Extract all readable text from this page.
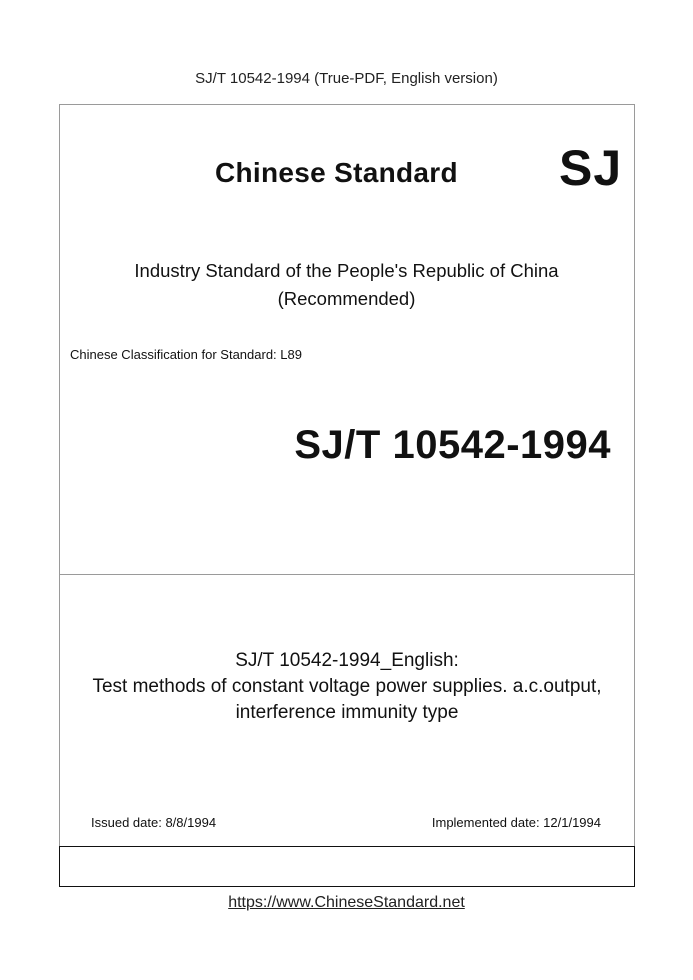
SJ/T 10542-1994 (True-PDF, English version)
Chinese Standard SJ
Industry Standard of the People's Republic of China
(Recommended)
Chinese Classification for Standard: L89
SJ/T 10542-1994
SJ/T 10542-1994_English:
Test methods of constant voltage power supplies. a.c.output,
interference immunity type
Issued date: 8/8/1994	Implemented date: 12/1/1994
https://www.ChineseStandard.net
